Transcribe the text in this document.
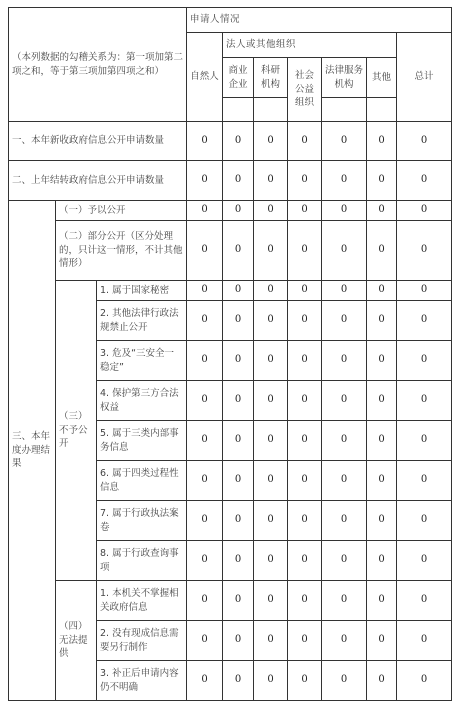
（本列数据的勾稽关系为：第一项加第二项之和，等于第三项加第四项之和）			申请人情况						
			自然人	法人或其他组织					总计
				商业企业	科研机构	社会公益组织	法律服务机构	其他	

一、本年新收政府信息公开申请数量			0	0	0	0	0	0	0
二、上年结转政府信息公开申请数量			0	0	0	0	0	0	0
三、本年度办理结果	（一）予以公开		0	0	0	0	0	0	0
	（二）部分公开（区分处理的，只计这一情形，不计其他情形）		0	0	0	0	0	0	0
	（三）不予公开	1. 属于国家秘密	0	0	0	0	0	0	0
		2. 其他法律行政法规禁止公开	0	0	0	0	0	0	0
		3. 危及“三安全一稳定”	0	0	0	0	0	0	0
		4. 保护第三方合法权益	0	0	0	0	0	0	0
		5. 属于三类内部事务信息	0	0	0	0	0	0	0
		6. 属于四类过程性信息	0	0	0	0	0	0	0
		7. 属于行政执法案卷	0	0	0	0	0	0	0
		8. 属于行政查询事项	0	0	0	0	0	0	0
	（四）无法提供	1. 本机关不掌握相关政府信息	0	0	0	0	0	0	0
		2. 没有现成信息需要另行制作	0	0	0	0	0	0	0
		3. 补正后申请内容仍不明确	0	0	0	0	0	0	0
